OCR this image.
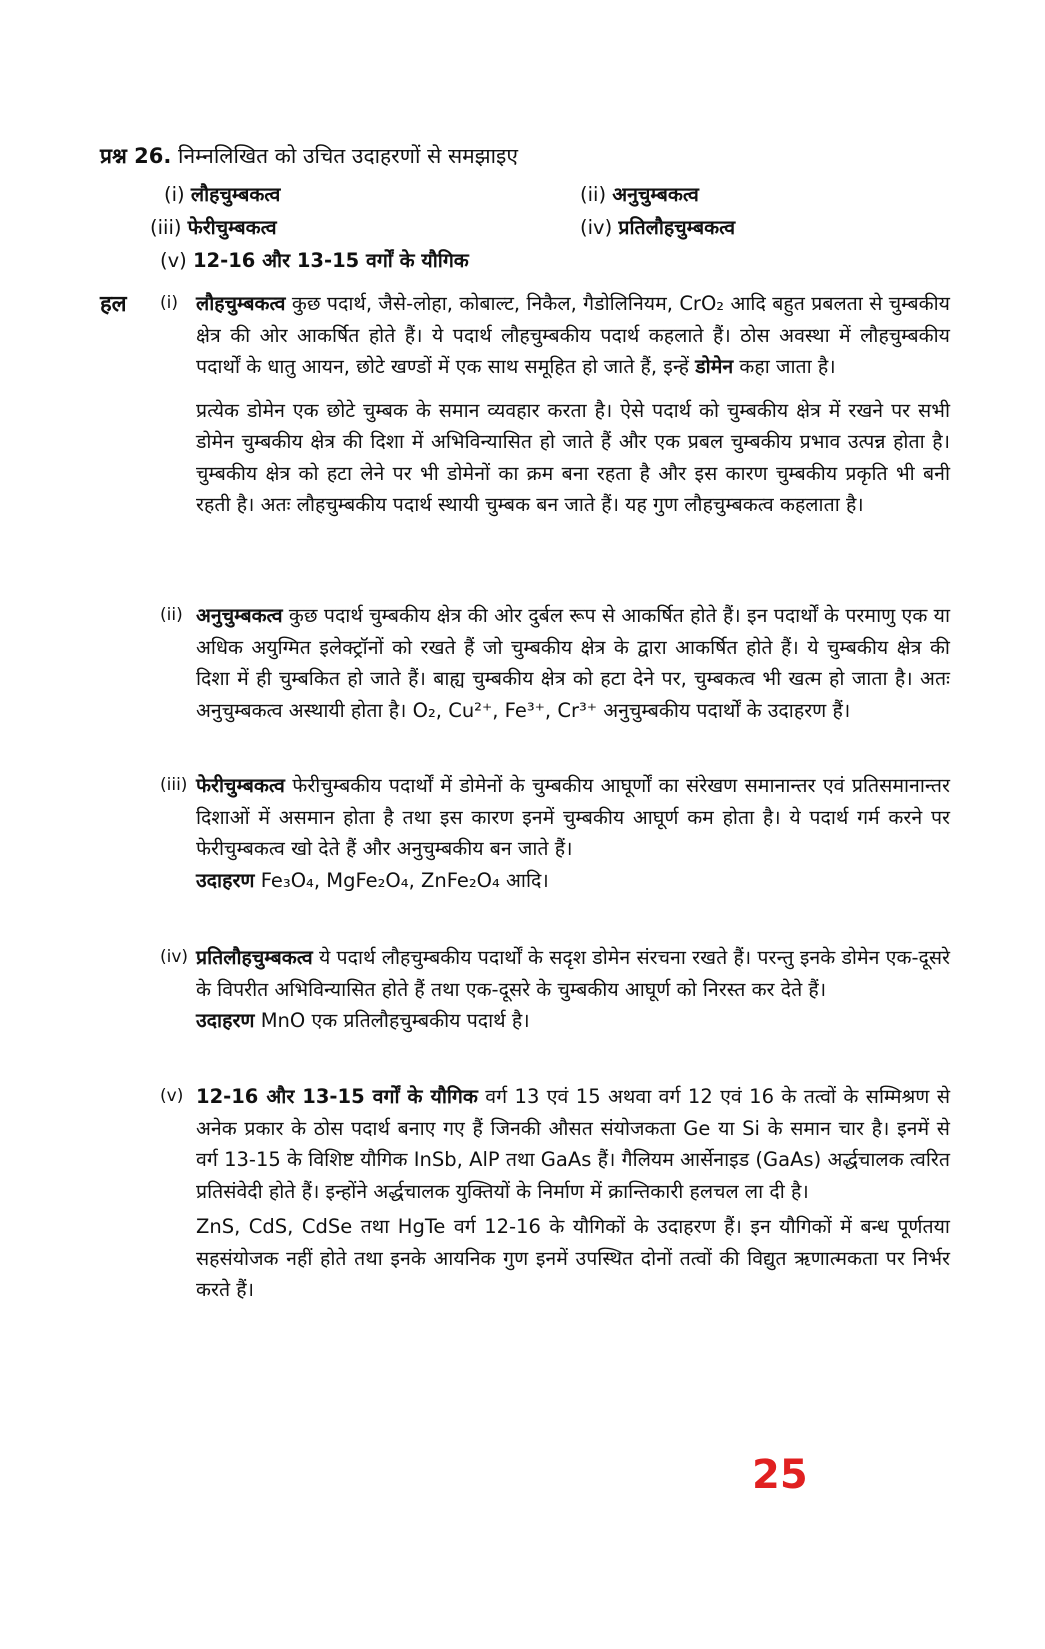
प्रश्न 26. निम्नलिखित को उचित उदाहरणों से समझाइए
(i) लौहचुम्बकत्व	(ii) अनुचुम्बकत्व
(iii) फेरीचुम्बकत्व	(iv) प्रतिलौहचुम्बकत्व
(v) 12-16 और 13-15 वर्गों के यौगिक
हल (i) लौहचुम्बकत्व कुछ पदार्थ, जैसे-लोहा, कोबाल्ट, निकैल, गैडोलिनियम, CrO₂ आदि बहुत प्रबलता से चुम्बकीय क्षेत्र की ओर आकर्षित होते हैं। ये पदार्थ लौहचुम्बकीय पदार्थ कहलाते हैं। ठोस अवस्था में लौहचुम्बकीय पदार्थों के धातु आयन, छोटे खण्डों में एक साथ समूहित हो जाते हैं, इन्हें डोमेन कहा जाता है।

प्रत्येक डोमेन एक छोटे चुम्बक के समान व्यवहार करता है। ऐसे पदार्थ को चुम्बकीय क्षेत्र में रखने पर सभी डोमेन चुम्बकीय क्षेत्र की दिशा में अभिविन्यासित हो जाते हैं और एक प्रबल चुम्बकीय प्रभाव उत्पन्न होता है। चुम्बकीय क्षेत्र को हटा लेने पर भी डोमेनों का क्रम बना रहता है और इस कारण चुम्बकीय प्रकृति भी बनी रहती है। अतः लौहचुम्बकीय पदार्थ स्थायी चुम्बक बन जाते हैं। यह गुण लौहचुम्बकत्व कहलाता है।

(ii) अनुचुम्बकत्व कुछ पदार्थ चुम्बकीय क्षेत्र की ओर दुर्बल रूप से आकर्षित होते हैं। इन पदार्थों के परमाणु एक या अधिक अयुग्मित इलेक्ट्रॉनों को रखते हैं जो चुम्बकीय क्षेत्र के द्वारा आकर्षित होते हैं। ये चुम्बकीय क्षेत्र की दिशा में ही चुम्बकित हो जाते हैं। बाह्य चुम्बकीय क्षेत्र को हटा देने पर, चुम्बकत्व भी खत्म हो जाता है। अतः अनुचुम्बकत्व अस्थायी होता है। O₂, Cu²⁺, Fe³⁺, Cr³⁺ अनुचुम्बकीय पदार्थों के उदाहरण हैं।

(iii) फेरीचुम्बकत्व फेरीचुम्बकीय पदार्थों में डोमेनों के चुम्बकीय आघूर्णों का संरेखण समानान्तर एवं प्रतिसमानान्तर दिशाओं में असमान होता है तथा इस कारण इनमें चुम्बकीय आघूर्ण कम होता है। ये पदार्थ गर्म करने पर फेरीचुम्बकत्व खो देते हैं और अनुचुम्बकीय बन जाते हैं।

उदाहरण Fe₃O₄, MgFe₂O₄, ZnFe₂O₄ आदि।

(iv) प्रतिलौहचुम्बकत्व ये पदार्थ लौहचुम्बकीय पदार्थों के सदृश डोमेन संरचना रखते हैं। परन्तु इनके डोमेन एक-दूसरे के विपरीत अभिविन्यासित होते हैं तथा एक-दूसरे के चुम्बकीय आघूर्ण को निरस्त कर देते हैं।

उदाहरण MnO एक प्रतिलौहचुम्बकीय पदार्थ है।

(v) 12-16 और 13-15 वर्गों के यौगिक वर्ग 13 एवं 15 अथवा वर्ग 12 एवं 16 के तत्वों के सम्मिश्रण से अनेक प्रकार के ठोस पदार्थ बनाए गए हैं जिनकी औसत संयोजकता Ge या Si के समान चार है। इनमें से वर्ग 13-15 के विशिष्ट यौगिक InSb, AlP तथा GaAs हैं। गैलियम आर्सेनाइड (GaAs) अर्द्धचालक त्वरित प्रतिसंवेदी होते हैं। इन्होंने अर्द्धचालक युक्तियों के निर्माण में क्रान्तिकारी हलचल ला दी है।

ZnS, CdS, CdSe तथा HgTe वर्ग 12-16 के यौगिकों के उदाहरण हैं। इन यौगिकों में बन्ध पूर्णतया सहसंयोजक नहीं होते तथा इनके आयनिक गुण इनमें उपस्थित दोनों तत्वों की विद्युत ऋणात्मकता पर निर्भर करते हैं।

25
